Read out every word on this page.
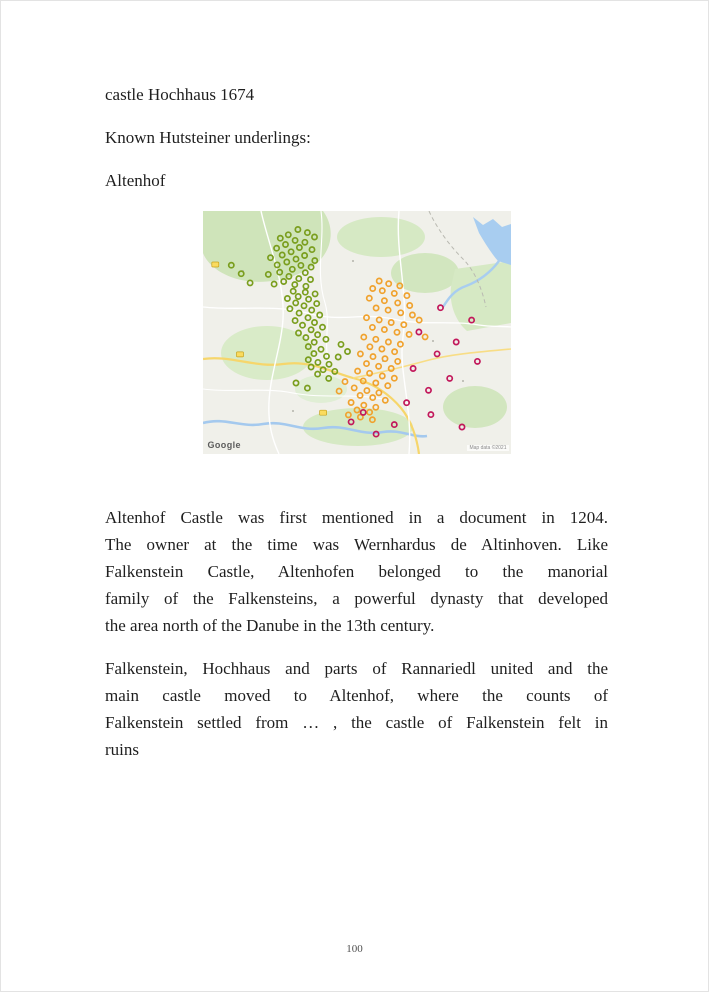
castle Hochhaus 1674

Known Hutsteiner underlings:

Altenhof

Google	Map data ©2021

Altenhof Castle was first mentioned in a document in 1204.
The owner at the time was Wernhardus de Altinhoven. Like
Falkenstein Castle, Altenhofen belonged to the manorial
family of the Falkensteins, a powerful dynasty that developed
the area north of the Danube in the 13th century.

Falkenstein, Hochhaus and parts of Rannariedl united and the
main castle moved to Altenhof, where the counts of
Falkenstein settled from … , the castle of Falkenstein felt in
ruins

100
